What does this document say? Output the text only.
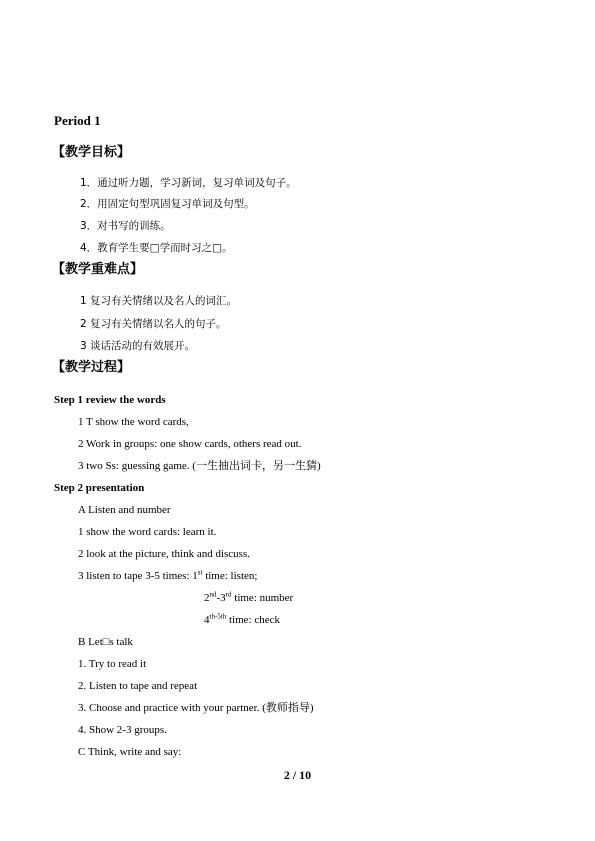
Period 1
【教学目标】
1．通过听力题，学习新词，复习单词及句子。
2．用固定句型巩固复习单词及句型。
3．对书写的训练。
4．教育学生要□学而时习之□。
【教学重难点】
1 复习有关情绪以及名人的词汇。
2 复习有关情绪以名人的句子。
3 谈话活动的有效展开。
【教学过程】
Step 1 review the words
1 T show the word cards,
2 Work in groups: one show cards, others read out.
3 two Ss: guessing game. (一生抽出词卡，另一生猜)
Step 2 presentation
A Listen and number
1 show the word cards: learn it.
2 look at the picture, think and discuss.
3 listen to tape 3-5 times: 1st time: listen;
2nd-3rd time: number
$4^{th-5th}$ time: check
B Let□s talk
1. Try to read it
2. Listen to tape and repeat
3. Choose and practice with your partner. (教师指导)
4. Show 2-3 groups.
C Think, write and say:
2 / 10
